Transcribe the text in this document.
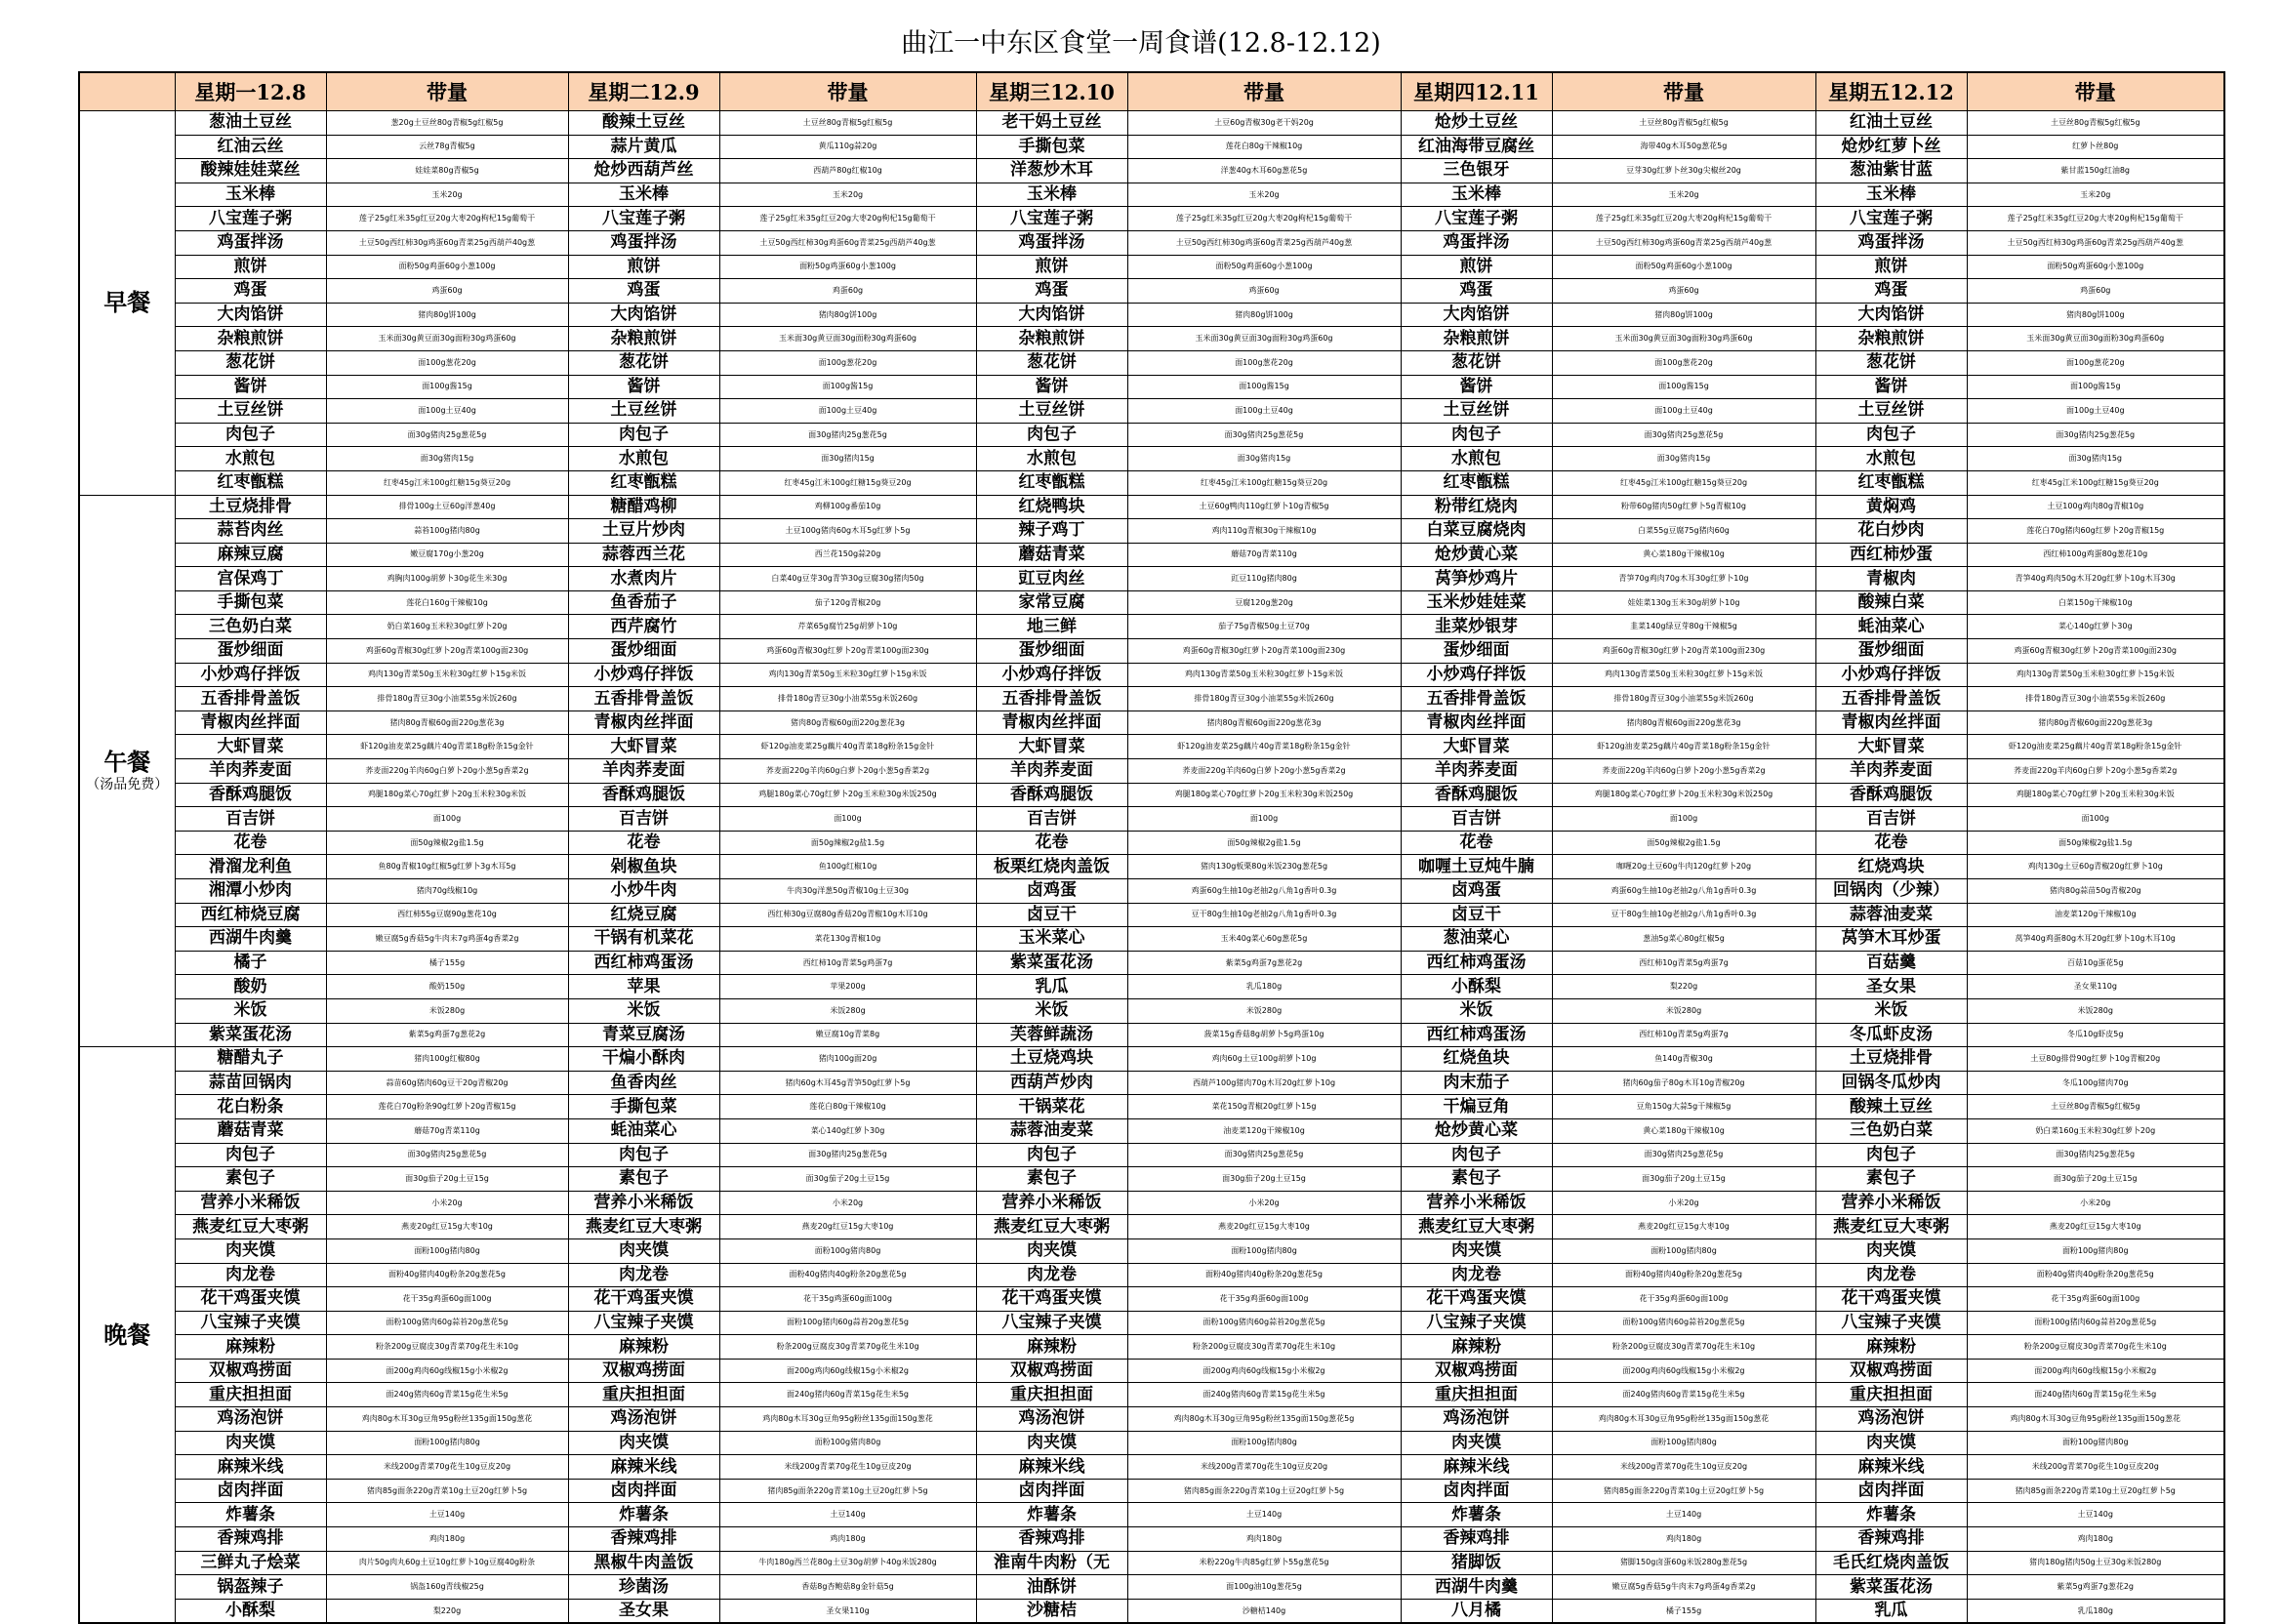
曲江一中东区食堂一周食谱(12.8-12.12)
	星期一12.8	带量	星期二12.9	带量	星期三12.10	带量	星期四12.11	带量	星期五12.12	带量
早餐	葱油土豆丝	葱20g土豆丝80g青椒5g红椒5g	酸辣土豆丝	土豆丝80g青椒5g红椒5g	老干妈土豆丝	土豆60g青椒30g老干妈20g	炝炒土豆丝	土豆丝80g青椒5g红椒5g	红油土豆丝	土豆丝80g青椒5g红椒5g
	红油云丝	云丝78g青椒5g	蒜片黄瓜	黄瓜110g蒜20g	手撕包菜	莲花白80g干辣椒10g	红油海带豆腐丝	海带40g木耳50g葱花5g	炝炒红萝卜丝	红萝卜丝80g
	酸辣娃娃菜丝	娃娃菜80g青椒5g	炝炒西葫芦丝	西葫芦80g红椒10g	洋葱炒木耳	洋葱40g木耳60g葱花5g	三色银牙	豆芽30g红萝卜丝30g尖椒丝20g	葱油紫甘蓝	紫甘蓝150g红油8g
	玉米棒	玉米20g	玉米棒	玉米20g	玉米棒	玉米20g	玉米棒	玉米20g	玉米棒	玉米20g
	八宝莲子粥	莲子25g红米35g红豆20g大枣20g枸杞15g葡萄干	八宝莲子粥	莲子25g红米35g红豆20g大枣20g枸杞15g葡萄干	八宝莲子粥	莲子25g红米35g红豆20g大枣20g枸杞15g葡萄干	八宝莲子粥	莲子25g红米35g红豆20g大枣20g枸杞15g葡萄干	八宝莲子粥	莲子25g红米35g红豆20g大枣20g枸杞15g葡萄干
	鸡蛋拌汤	土豆50g西红柿30g鸡蛋60g青菜25g西葫芦40g葱	鸡蛋拌汤	土豆50g西红柿30g鸡蛋60g青菜25g西葫芦40g葱	鸡蛋拌汤	土豆50g西红柿30g鸡蛋60g青菜25g西葫芦40g葱	鸡蛋拌汤	土豆50g西红柿30g鸡蛋60g青菜25g西葫芦40g葱	鸡蛋拌汤	土豆50g西红柿30g鸡蛋60g青菜25g西葫芦40g葱
	煎饼	面粉50g鸡蛋60g小葱100g	煎饼	面粉50g鸡蛋60g小葱100g	煎饼	面粉50g鸡蛋60g小葱100g	煎饼	面粉50g鸡蛋60g小葱100g	煎饼	面粉50g鸡蛋60g小葱100g
	鸡蛋	鸡蛋60g	鸡蛋	鸡蛋60g	鸡蛋	鸡蛋60g	鸡蛋	鸡蛋60g	鸡蛋	鸡蛋60g
	大肉馅饼	猪肉80g饼100g	大肉馅饼	猪肉80g饼100g	大肉馅饼	猪肉80g饼100g	大肉馅饼	猪肉80g饼100g	大肉馅饼	猪肉80g饼100g
	杂粮煎饼	玉米面30g黄豆面30g面粉30g鸡蛋60g	杂粮煎饼	玉米面30g黄豆面30g面粉30g鸡蛋60g	杂粮煎饼	玉米面30g黄豆面30g面粉30g鸡蛋60g	杂粮煎饼	玉米面30g黄豆面30g面粉30g鸡蛋60g	杂粮煎饼	玉米面30g黄豆面30g面粉30g鸡蛋60g
	葱花饼	面100g葱花20g	葱花饼	面100g葱花20g	葱花饼	面100g葱花20g	葱花饼	面100g葱花20g	葱花饼	面100g葱花20g
	酱饼	面100g酱15g	酱饼	面100g酱15g	酱饼	面100g酱15g	酱饼	面100g酱15g	酱饼	面100g酱15g
	土豆丝饼	面100g土豆40g	土豆丝饼	面100g土豆40g	土豆丝饼	面100g土豆40g	土豆丝饼	面100g土豆40g	土豆丝饼	面100g土豆40g
	肉包子	面30g猪肉25g葱花5g	肉包子	面30g猪肉25g葱花5g	肉包子	面30g猪肉25g葱花5g	肉包子	面30g猪肉25g葱花5g	肉包子	面30g猪肉25g葱花5g
	水煎包	面30g猪肉15g	水煎包	面30g猪肉15g	水煎包	面30g猪肉15g	水煎包	面30g猪肉15g	水煎包	面30g猪肉15g
	红枣甑糕	红枣45g江米100g红糖15g葵豆20g	红枣甑糕	红枣45g江米100g红糖15g葵豆20g	红枣甑糕	红枣45g江米100g红糖15g葵豆20g	红枣甑糕	红枣45g江米100g红糖15g葵豆20g	红枣甑糕	红枣45g江米100g红糖15g葵豆20g
午餐
（汤品免费）	土豆烧排骨	排骨100g土豆60g洋葱40g	糖醋鸡柳	鸡柳100g番茄10g	红烧鸭块	土豆60g鸭肉110g红萝卜10g青椒5g	粉带红烧肉	粉带60g猪肉50g红萝卜5g青椒10g	黄焖鸡	土豆100g鸡肉80g青椒10g
	蒜苔肉丝	蒜苔100g猪肉80g	土豆片炒肉	土豆100g猪肉60g木耳5g红萝卜5g	辣子鸡丁	鸡肉110g青椒30g干辣椒10g	白菜豆腐烧肉	白菜55g豆腐75g猪肉60g	花白炒肉	莲花白70g猪肉60g红萝卜20g青椒15g
	麻辣豆腐	嫩豆腐170g小葱20g	蒜蓉西兰花	西兰花150g蒜20g	蘑菇青菜	蘑菇70g青菜110g	炝炒黄心菜	黄心菜180g干辣椒10g	西红柿炒蛋	西红柿100g鸡蛋80g葱花10g
	宫保鸡丁	鸡胸肉100g胡萝卜30g花生米30g	水煮肉片	白菜40g豆芽30g青笋30g豆腐30g猪肉50g	豇豆肉丝	豇豆110g猪肉80g	莴笋炒鸡片	青笋70g鸡肉70g木耳30g红萝卜10g	青椒肉	青笋40g鸡肉50g木耳20g红萝卜10g木耳30g
	手撕包菜	莲花白160g干辣椒10g	鱼香茄子	茄子120g青椒20g	家常豆腐	豆腐120g葱20g	玉米炒娃娃菜	娃娃菜130g玉米30g胡萝卜10g	酸辣白菜	白菜150g干辣椒10g
	三色奶白菜	奶白菜160g玉米粒30g红萝卜20g	西芹腐竹	芹菜65g腐竹25g胡萝卜10g	地三鲜	茄子75g青椒50g土豆70g	韭菜炒银芽	韭菜140g绿豆芽80g干辣椒5g	蚝油菜心	菜心140g红萝卜30g
	蛋炒细面	鸡蛋60g青椒30g红萝卜20g青菜100g面230g	蛋炒细面	鸡蛋60g青椒30g红萝卜20g青菜100g面230g	蛋炒细面	鸡蛋60g青椒30g红萝卜20g青菜100g面230g	蛋炒细面	鸡蛋60g青椒30g红萝卜20g青菜100g面230g	蛋炒细面	鸡蛋60g青椒30g红萝卜20g青菜100g面230g
	小炒鸡仔拌饭	鸡肉130g青菜50g玉米粒30g红萝卜15g米饭	小炒鸡仔拌饭	鸡肉130g青菜50g玉米粒30g红萝卜15g米饭	小炒鸡仔拌饭	鸡肉130g青菜50g玉米粒30g红萝卜15g米饭	小炒鸡仔拌饭	鸡肉130g青菜50g玉米粒30g红萝卜15g米饭	小炒鸡仔拌饭	鸡肉130g青菜50g玉米粒30g红萝卜15g米饭
	五香排骨盖饭	排骨180g青豆30g小油菜55g米饭260g	五香排骨盖饭	排骨180g青豆30g小油菜55g米饭260g	五香排骨盖饭	排骨180g青豆30g小油菜55g米饭260g	五香排骨盖饭	排骨180g青豆30g小油菜55g米饭260g	五香排骨盖饭	排骨180g青豆30g小油菜55g米饭260g
	青椒肉丝拌面	猪肉80g青椒60g面220g葱花3g	青椒肉丝拌面	猪肉80g青椒60g面220g葱花3g	青椒肉丝拌面	猪肉80g青椒60g面220g葱花3g	青椒肉丝拌面	猪肉80g青椒60g面220g葱花3g	青椒肉丝拌面	猪肉80g青椒60g面220g葱花3g
	大虾冒菜	虾120g油麦菜25g藕片40g青菜18g粉条15g金针	大虾冒菜	虾120g油麦菜25g藕片40g青菜18g粉条15g金针	大虾冒菜	虾120g油麦菜25g藕片40g青菜18g粉条15g金针	大虾冒菜	虾120g油麦菜25g藕片40g青菜18g粉条15g金针	大虾冒菜	虾120g油麦菜25g藕片40g青菜18g粉条15g金针
	羊肉荞麦面	荞麦面220g羊肉60g白萝卜20g小葱5g香菜2g	羊肉荞麦面	荞麦面220g羊肉60g白萝卜20g小葱5g香菜2g	羊肉荞麦面	荞麦面220g羊肉60g白萝卜20g小葱5g香菜2g	羊肉荞麦面	荞麦面220g羊肉60g白萝卜20g小葱5g香菜2g	羊肉荞麦面	荞麦面220g羊肉60g白萝卜20g小葱5g香菜2g
	香酥鸡腿饭	鸡腿180g菜心70g红萝卜20g玉米粒30g米饭	香酥鸡腿饭	鸡腿180g菜心70g红萝卜20g玉米粒30g米饭250g	香酥鸡腿饭	鸡腿180g菜心70g红萝卜20g玉米粒30g米饭250g	香酥鸡腿饭	鸡腿180g菜心70g红萝卜20g玉米粒30g米饭250g	香酥鸡腿饭	鸡腿180g菜心70g红萝卜20g玉米粒30g米饭
	百吉饼	面100g	百吉饼	面100g	百吉饼	面100g	百吉饼	面100g	百吉饼	面100g
	花卷	面50g辣椒2g盐1.5g	花卷	面50g辣椒2g盐1.5g	花卷	面50g辣椒2g盐1.5g	花卷	面50g辣椒2g盐1.5g	花卷	面50g辣椒2g盐1.5g
	滑溜龙利鱼	鱼80g青椒10g红椒5g红萝卜3g木耳5g	剁椒鱼块	鱼100g红椒10g	板栗红烧肉盖饭	猪肉130g板栗80g米饭230g葱花5g	咖喱土豆炖牛腩	咖喱20g土豆60g牛肉120g红萝卜20g	红烧鸡块	鸡肉130g土豆60g青椒20g红萝卜10g
	湘潭小炒肉	猪肉70g线椒10g	小炒牛肉	牛肉30g洋葱50g青椒10g土豆30g	卤鸡蛋	鸡蛋60g生抽10g老抽2g八角1g香叶0.3g	卤鸡蛋	鸡蛋60g生抽10g老抽2g八角1g香叶0.3g	回锅肉（少辣）	猪肉80g蒜苗50g青椒20g
	西红柿烧豆腐	西红柿55g豆腐90g葱花10g	红烧豆腐	西红柿30g豆腐80g香菇20g青椒10g木耳10g	卤豆干	豆干80g生抽10g老抽2g八角1g香叶0.3g	卤豆干	豆干80g生抽10g老抽2g八角1g香叶0.3g	蒜蓉油麦菜	油麦菜120g干辣椒10g
	西湖牛肉羹	嫩豆腐5g香菇5g牛肉末7g鸡蛋4g香菜2g	干锅有机菜花	菜花130g青椒10g	玉米菜心	玉米40g菜心60g葱花5g	葱油菜心	葱油5g菜心80g红椒5g	莴笋木耳炒蛋	莴笋40g鸡蛋80g木耳20g红萝卜10g木耳10g
	橘子	橘子155g	西红柿鸡蛋汤	西红柿10g青菜5g鸡蛋7g	紫菜蛋花汤	紫菜5g鸡蛋7g葱花2g	西红柿鸡蛋汤	西红柿10g青菜5g鸡蛋7g	百菇羹	百菇10g蛋花5g
	酸奶	酸奶150g	苹果	苹果200g	乳瓜	乳瓜180g	小酥梨	梨220g	圣女果	圣女果110g
	米饭	米饭280g	米饭	米饭280g	米饭	米饭280g	米饭	米饭280g	米饭	米饭280g
	紫菜蛋花汤	紫菜5g鸡蛋7g葱花2g	青菜豆腐汤	嫩豆腐10g青菜8g	芙蓉鲜蔬汤	菠菜15g香菇8g胡萝卜5g鸡蛋10g	西红柿鸡蛋汤	西红柿10g青菜5g鸡蛋7g	冬瓜虾皮汤	冬瓜10g虾皮5g
晚餐	糖醋丸子	猪肉100g红椒80g	干煸小酥肉	猪肉100g面20g	土豆烧鸡块	鸡肉60g土豆100g胡萝卜10g	红烧鱼块	鱼140g青椒30g	土豆烧排骨	土豆80g排骨90g红萝卜10g青椒20g
	蒜苗回锅肉	蒜苗60g猪肉60g豆干20g青椒20g	鱼香肉丝	猪肉60g木耳45g青笋50g红萝卜5g	西葫芦炒肉	西葫芦100g猪肉70g木耳20g红萝卜10g	肉末茄子	猪肉60g茄子80g木耳10g青椒20g	回锅冬瓜炒肉	冬瓜100g猪肉70g
	花白粉条	莲花白70g粉条90g红萝卜20g青椒15g	手撕包菜	莲花白80g干辣椒10g	干锅菜花	菜花150g青椒20g红萝卜15g	干煸豆角	豆角150g大蒜5g干辣椒5g	酸辣土豆丝	土豆丝80g青椒5g红椒5g
	蘑菇青菜	蘑菇70g青菜110g	蚝油菜心	菜心140g红萝卜30g	蒜蓉油麦菜	油麦菜120g干辣椒10g	炝炒黄心菜	黄心菜180g干辣椒10g	三色奶白菜	奶白菜160g玉米粒30g红萝卜20g
	肉包子	面30g猪肉25g葱花5g	肉包子	面30g猪肉25g葱花5g	肉包子	面30g猪肉25g葱花5g	肉包子	面30g猪肉25g葱花5g	肉包子	面30g猪肉25g葱花5g
	素包子	面30g茄子20g土豆15g	素包子	面30g茄子20g土豆15g	素包子	面30g茄子20g土豆15g	素包子	面30g茄子20g土豆15g	素包子	面30g茄子20g土豆15g
	营养小米稀饭	小米20g	营养小米稀饭	小米20g	营养小米稀饭	小米20g	营养小米稀饭	小米20g	营养小米稀饭	小米20g
	燕麦红豆大枣粥	燕麦20g红豆15g大枣10g	燕麦红豆大枣粥	燕麦20g红豆15g大枣10g	燕麦红豆大枣粥	燕麦20g红豆15g大枣10g	燕麦红豆大枣粥	燕麦20g红豆15g大枣10g	燕麦红豆大枣粥	燕麦20g红豆15g大枣10g
	肉夹馍	面粉100g猪肉80g	肉夹馍	面粉100g猪肉80g	肉夹馍	面粉100g猪肉80g	肉夹馍	面粉100g猪肉80g	肉夹馍	面粉100g猪肉80g
	肉龙卷	面粉40g猪肉40g粉条20g葱花5g	肉龙卷	面粉40g猪肉40g粉条20g葱花5g	肉龙卷	面粉40g猪肉40g粉条20g葱花5g	肉龙卷	面粉40g猪肉40g粉条20g葱花5g	肉龙卷	面粉40g猪肉40g粉条20g葱花5g
	花干鸡蛋夹馍	花干35g鸡蛋60g面100g	花干鸡蛋夹馍	花干35g鸡蛋60g面100g	花干鸡蛋夹馍	花干35g鸡蛋60g面100g	花干鸡蛋夹馍	花干35g鸡蛋60g面100g	花干鸡蛋夹馍	花干35g鸡蛋60g面100g
	八宝辣子夹馍	面粉100g猪肉60g蒜苔20g葱花5g	八宝辣子夹馍	面粉100g猪肉60g蒜苔20g葱花5g	八宝辣子夹馍	面粉100g猪肉60g蒜苔20g葱花5g	八宝辣子夹馍	面粉100g猪肉60g蒜苔20g葱花5g	八宝辣子夹馍	面粉100g猪肉60g蒜苔20g葱花5g
	麻辣粉	粉条200g豆腐皮30g青菜70g花生米10g	麻辣粉	粉条200g豆腐皮30g青菜70g花生米10g	麻辣粉	粉条200g豆腐皮30g青菜70g花生米10g	麻辣粉	粉条200g豆腐皮30g青菜70g花生米10g	麻辣粉	粉条200g豆腐皮30g青菜70g花生米10g
	双椒鸡捞面	面200g鸡肉60g线椒15g小米椒2g	双椒鸡捞面	面200g鸡肉60g线椒15g小米椒2g	双椒鸡捞面	面200g鸡肉60g线椒15g小米椒2g	双椒鸡捞面	面200g鸡肉60g线椒15g小米椒2g	双椒鸡捞面	面200g鸡肉60g线椒15g小米椒2g
	重庆担担面	面240g猪肉60g青菜15g花生米5g	重庆担担面	面240g猪肉60g青菜15g花生米5g	重庆担担面	面240g猪肉60g青菜15g花生米5g	重庆担担面	面240g猪肉60g青菜15g花生米5g	重庆担担面	面240g猪肉60g青菜15g花生米5g
	鸡汤泡饼	鸡肉80g木耳30g豆角95g粉丝135g面150g葱花	鸡汤泡饼	鸡肉80g木耳30g豆角95g粉丝135g面150g葱花	鸡汤泡饼	鸡肉80g木耳30g豆角95g粉丝135g面150g葱花5g	鸡汤泡饼	鸡肉80g木耳30g豆角95g粉丝135g面150g葱花	鸡汤泡饼	鸡肉80g木耳30g豆角95g粉丝135g面150g葱花
	肉夹馍	面粉100g猪肉80g	肉夹馍	面粉100g猪肉80g	肉夹馍	面粉100g猪肉80g	肉夹馍	面粉100g猪肉80g	肉夹馍	面粉100g猪肉80g
	麻辣米线	米线200g青菜70g花生10g豆皮20g	麻辣米线	米线200g青菜70g花生10g豆皮20g	麻辣米线	米线200g青菜70g花生10g豆皮20g	麻辣米线	米线200g青菜70g花生10g豆皮20g	麻辣米线	米线200g青菜70g花生10g豆皮20g
	卤肉拌面	猪肉85g面条220g青菜10g土豆20g红萝卜5g	卤肉拌面	猪肉85g面条220g青菜10g土豆20g红萝卜5g	卤肉拌面	猪肉85g面条220g青菜10g土豆20g红萝卜5g	卤肉拌面	猪肉85g面条220g青菜10g土豆20g红萝卜5g	卤肉拌面	猪肉85g面条220g青菜10g土豆20g红萝卜5g
	炸薯条	土豆140g	炸薯条	土豆140g	炸薯条	土豆140g	炸薯条	土豆140g	炸薯条	土豆140g
	香辣鸡排	鸡肉180g	香辣鸡排	鸡肉180g	香辣鸡排	鸡肉180g	香辣鸡排	鸡肉180g	香辣鸡排	鸡肉180g
	三鲜丸子烩菜	肉片50g肉丸60g土豆10g红萝卜10g豆腐40g粉条	黑椒牛肉盖饭	牛肉180g西兰花80g土豆30g胡萝卜40g米饭280g	淮南牛肉粉（无	米粉220g牛肉85g红萝卜55g葱花5g	猪脚饭	猪脚150g卤蛋60g米饭280g葱花5g	毛氏红烧肉盖饭	猪肉180g猪肉50g土豆30g米饭280g
	锅盔辣子	锅盔160g青线椒25g	珍菌汤	香菇8g杏鲍菇8g金针菇5g	油酥饼	面100g油10g葱花5g	西湖牛肉羹	嫩豆腐5g香菇5g牛肉末7g鸡蛋4g香菜2g	紫菜蛋花汤	紫菜5g鸡蛋7g葱花2g
	小酥梨	梨220g	圣女果	圣女果110g	沙糖桔	沙糖桔140g	八月橘	橘子155g	乳瓜	乳瓜180g
